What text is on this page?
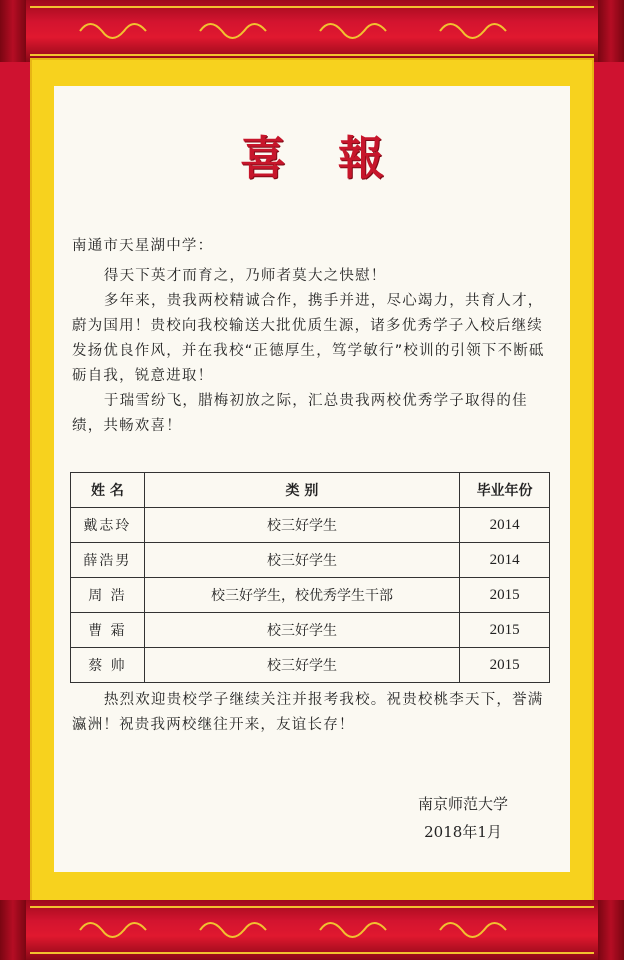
喜報
南通市天星湖中学：

得天下英才而育之，乃师者莫大之快慰！

多年来，贵我两校精诚合作，携手并进，尽心竭力，共育人才，蔚为国用！贵校向我校输送大批优质生源，诸多优秀学子入校后继续发扬优良作风，并在我校“正德厚生，笃学敏行”校训的引领下不断砥砺自我，锐意进取！

于瑞雪纷飞，腊梅初放之际，汇总贵我两校优秀学子取得的佳绩，共畅欢喜！

姓 名	类 别	毕业年份
戴志玲	校三好学生	2014
薛浩男	校三好学生	2014
周 浩	校三好学生，校优秀学生干部	2015
曹 霜	校三好学生	2015
蔡 帅	校三好学生	2015

热烈欢迎贵校学子继续关注并报考我校。祝贵校桃李天下，誉满瀛洲！祝贵我两校继往开来，友谊长存！

南京师范大学
2018年1月
